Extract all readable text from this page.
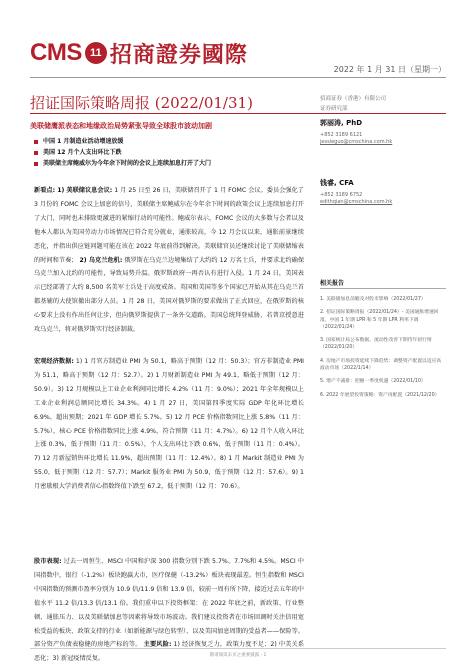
CMS 11 招商證券國際
2022 年 1 月 31 日（星期一）
招证国际策略周报 (2022/01/31)	招商证券（香港）有限公司
证券研究部
美联储鹰派表态和地缘政治局势紧张导致全球股市波动加剧
中国 1 月制造业活动增速放缓
美国 12 月个人支出环比下跌
美联储主席鲍威尔为今年余下时间的会议上连续加息打开了大门
新看点: 1) 美联储议息会议: 1 月 25 日至 26 日，美联储召开了 1 月 FOMC 会议。委员会强化了 3 月份的 FOMC 会议上加息的信号，美联储主席鲍威尔在今年余下时间的政策会议上连续加息打开了大门，同时也未排除更激进的紧缩行动的可能性。鲍威尔表示，FOMC 会议的大多数与会者以及他本人都认为美国劳动力市场情况已符合充分就业，通胀较高，今 12 月会议以来，通胀前景继续恶化，并指出供应链问题可能在该在 2022 年底前得到解决。美联储官员还继续讨论了美联储缩表的时间和节奏； 2) 乌克兰危机: 俄罗斯在乌克兰边境集结了大约约 12 万名士兵，并要求北约确保乌克兰加入北约的可能性，导致局势升温。俄罗斯政府一再否认有进行入侵。1 月 24 日，美国表示已经部署了大约 8,500 名美军士兵处于高度戒备。英国和美国等多个国家已开始从其在乌克兰首都基辅的大使馆撤出部分人员。1 月 28 日，美国对俄罗斯的要求做出了正式回应，在俄罗斯的核心要求上没有作出任何让步，但向俄罗斯提供了一条外交道路。美国总统拜登威胁，若普京授意进攻乌克兰，将对俄罗斯实行经济制裁。
宏观经济数据: 1) 1 月官方制造业 PMI 为 50.1，略高于预期（12 月：50.3）；官方非制造业 PMI 为 51.1，略高于预期（12 月：52.7）。2) 1 月财新制造业 PMI 为 49.1，略低于预期（12 月：50.9）。3) 12 月规模以上工业企业利润同比增长 4.2%（11 月：9.0%）；2021 年全年规模以上工业企业利润总额同比增长 34.3%。4) 1 月 27 日，美国第四季度实际 GDP 年化环比增长 6.9%，超出预期；2021 年 GDP 增长 5.7%。5) 12 月 PCE 价格指数同比上涨 5.8%（11 月：5.7%），核心 PCE 价格指数同比上涨 4.9%，符合预期（11 月：4.7%）。6) 12 月个人收入环比上涨 0.3%，低于预期（11 月：0.5%），个人支出环比下跌 0.6%，低于预期（11 月：0.4%）。7) 12 月新屋销售环比增长 11.9%，超出预期（11 月：12.4%）。8) 1 月 Markit 制造业 PMI 为 55.0，低于预期（12 月：57.7）；Markit 服务业 PMI 为 50.9，低于预期（12 月：57.6）。9) 1 月密歇根大学消费者信心指数终值下跌至 67.2，低于预期（12 月：70.6）。
股市表现: 过去一周恒生、MSCI 中国和沪深 300 指数分别下跌 5.7%、7.7%和 4.5%。MSCI 中国指数中，银行（-1.2%）板块跑赢大市，医疗保健（-13.2%）板块表现最差。恒生指数和 MSCI 中国指数的预测市盈率分别为 10.9 倍/11.9 倍和 13.9 倍，较前一周有所下降，接近过去五年的中值水平 11.2 倍/13.3 倍/13.1 倍。我们重申以下投资框架：在 2022 年底之前，新政策、行业整顿、通胀压力、以及美联储加息等因素将导致市场波动。我们建议投资者在市场回调时关注信用宽松受益的板块、政策支持的行业（如新能源与绿色转型）、以及美国加息周期的受益者——保险等。部分资产负债表稳健的房地产标的等。 主要风险: 1) 经济恢复乏力，政策力度不足；2) 中美关系恶化；3) 新冠疫情反复。
郭丽涛, PhD
+852 3189 6121
jessieguo@cmschina.com.hk
钱睿, CFA
+852 3189 6752
edithqian@cmschina.com.hk
相关报告
1. 美联储加息前瞻及对股市影响（2022/01/27）
2. 招证国际策略周报（2022/01/24）- 美国通胀增速回落，中国 1 年期 LPR 和 5 年期 LPR 利率下调（2022/01/24）
3. 国家统计局公布数据，流动性改善下期待年初行情（2022/01/20）
4. 房地产市场投资延续下降趋势：调整资产配置以适应高波动市场（2022/1/14）
5. 增产不减排：把握一季度机遇（2022/01/10）
6. 2022 年展望投资策略：资产再配置（2021/12/20）
敬请阅读末页之重要披露 · 1
